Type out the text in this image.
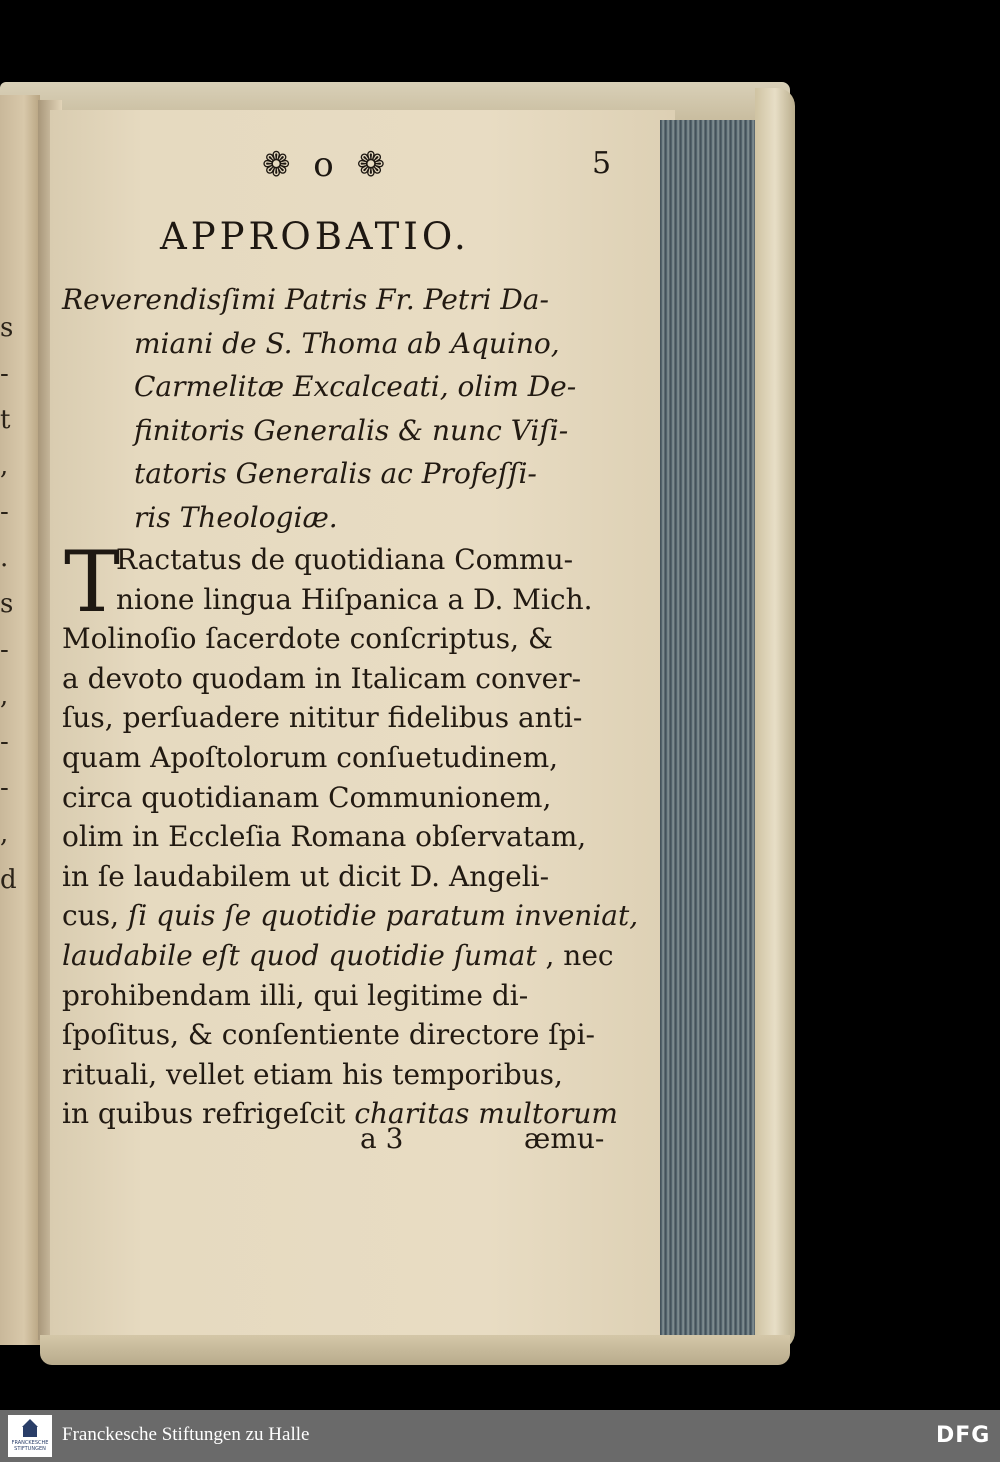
s
-
t
,
-
.
s
-
,
-
-
,
d
❁ o ❁	5
APPROBATIO.
Reverendisſimi Patris Fr. Petri Da-
miani de S. Thoma ab Aquino,
Carmelitæ Excalceati, olim De-
finitoris Generalis & nunc Viſi-
tatoris Generalis ac Profeſſi-
ris Theologiæ.
T
Ractatus de quotidiana Commu-
nione lingua Hiſpanica a D. Mich.
Molinoſio ſacerdote conſcriptus, &
a devoto quodam in Italicam conver-
ſus, perſuadere nititur fidelibus anti-
quam Apoſtolorum conſuetudinem,
circa quotidianam Communionem,
olim in Eccleſia Romana obſervatam,
in ſe laudabilem ut dicit D. Angeli-
cus, ſi quis ſe quotidie paratum inveniat,
laudabile eſt quod quotidie ſumat , nec
prohibendam illi, qui legitime di-
ſpoſitus, & conſentiente directore ſpi-
rituali, vellet etiam his temporibus,
in quibus refrigeſcit charitas multorum
a 3	æmu-
FRANCKESCHE STIFTUNGEN
Franckesche Stiftungen zu Halle	DFG
